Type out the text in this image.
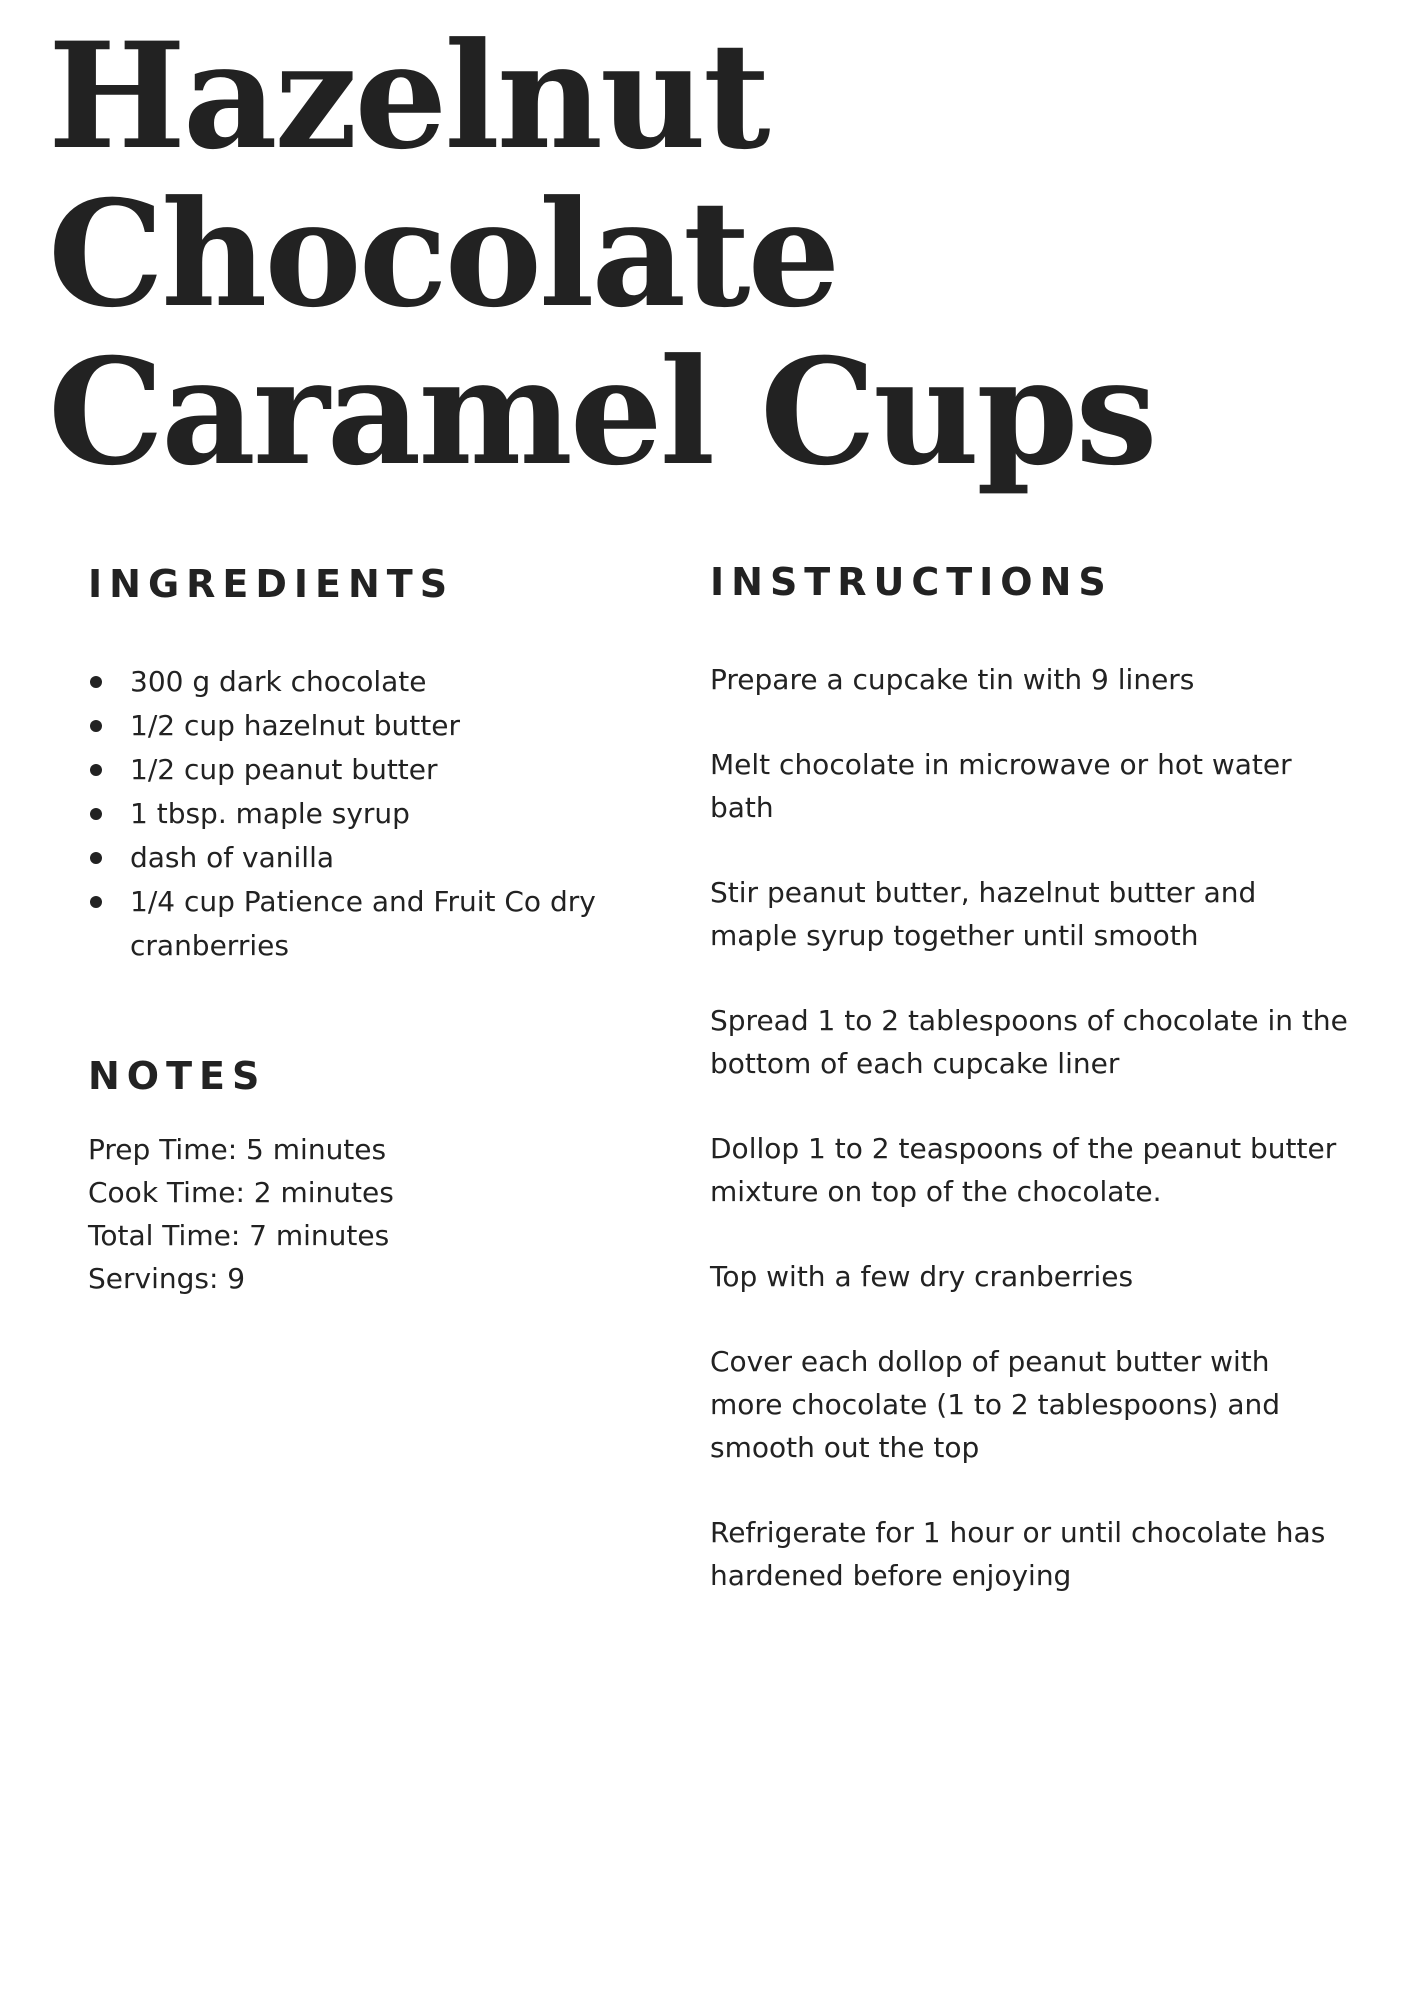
Hazelnut
Chocolate
Caramel Cups
INGREDIENTS
300 g dark chocolate
1/2 cup hazelnut butter
1/2 cup peanut butter
1 tbsp. maple syrup
dash of vanilla
1/4 cup Patience and Fruit Co dry cranberries
NOTES
Prep Time: 5 minutes
Cook Time: 2 minutes
Total Time: 7 minutes
Servings: 9
INSTRUCTIONS

Prepare a cupcake tin with 9 liners

Melt chocolate in microwave or hot water bath

Stir peanut butter, hazelnut butter and maple syrup together until smooth

Spread 1 to 2 tablespoons of chocolate in the bottom of each cupcake liner

Dollop 1 to 2 teaspoons of the peanut butter mixture on top of the chocolate.

Top with a few dry cranberries

Cover each dollop of peanut butter with more chocolate (1 to 2 tablespoons) and smooth out the top

Refrigerate for 1 hour or until chocolate has hardened before enjoying
